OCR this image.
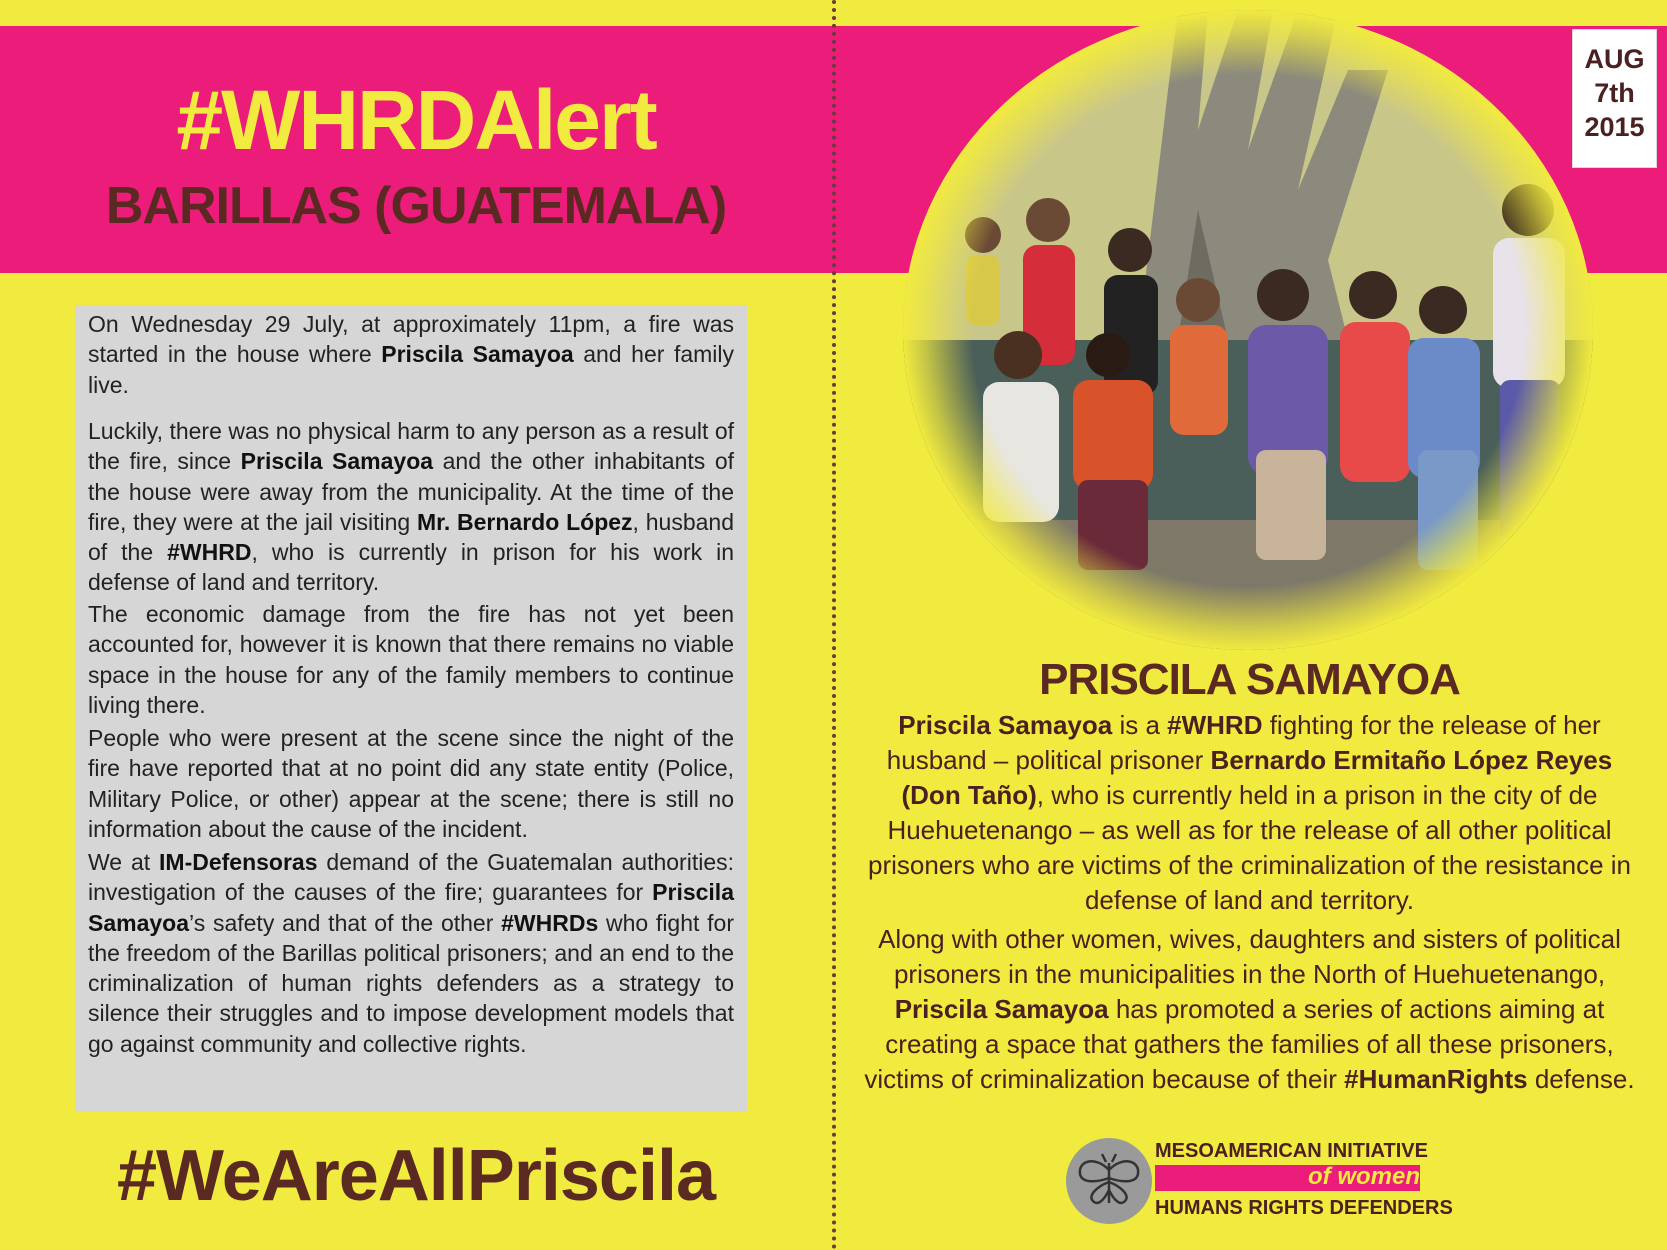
#WHRDAlert
BARILLAS (GUATEMALA)
AUG
7th
2015

On Wednesday 29 July, at approximately 11pm, a fire was started in the house where Priscila Samayoa and her family live.

Luckily, there was no physical harm to any person as a result of the fire, since Priscila Samayoa and the other inhabitants of the house were away from the municipality. At the time of the fire, they were at the jail visiting Mr. Bernardo López, husband of the #WHRD, who is currently in prison for his work in defense of land and territory.

The economic damage from the fire has not yet been accounted for, however it is known that there remains no viable space in the house for any of the family members to continue living there.

People who were present at the scene since the night of the fire have reported that at no point did any state entity (Police, Military Police, or other) appear at the scene; there is still no information about the cause of the incident.

We at IM-Defensoras demand of the Guatemalan authorities: investigation of the causes of the fire; guarantees for Priscila Samayoa’s safety and that of the other #WHRDs who fight for the freedom of the Barillas political prisoners; and an end to the criminalization of human rights defenders as a strategy to silence their struggles and to impose development models that go against community and collective rights.

#WeAreAllPriscila
PRISCILA SAMAYOA
Priscila Samayoa is a #WHRD fighting for the release of her husband – political prisoner Bernardo Ermitaño López Reyes (Don Taño), who is currently held in a prison in the city of de Huehuetenango – as well as for the release of all other political prisoners who are victims of the criminalization of the resistance in defense of land and territory.
Along with other women, wives, daughters and sisters of political prisoners in the municipalities in the North of Huehuetenango, Priscila Samayoa has promoted a series of actions aiming at creating a space that gathers the families of all these prisoners, victims of criminalization because of their #HumanRights defense.
MESOAMERICAN INITIATIVE
of women
HUMANS RIGHTS DEFENDERS
